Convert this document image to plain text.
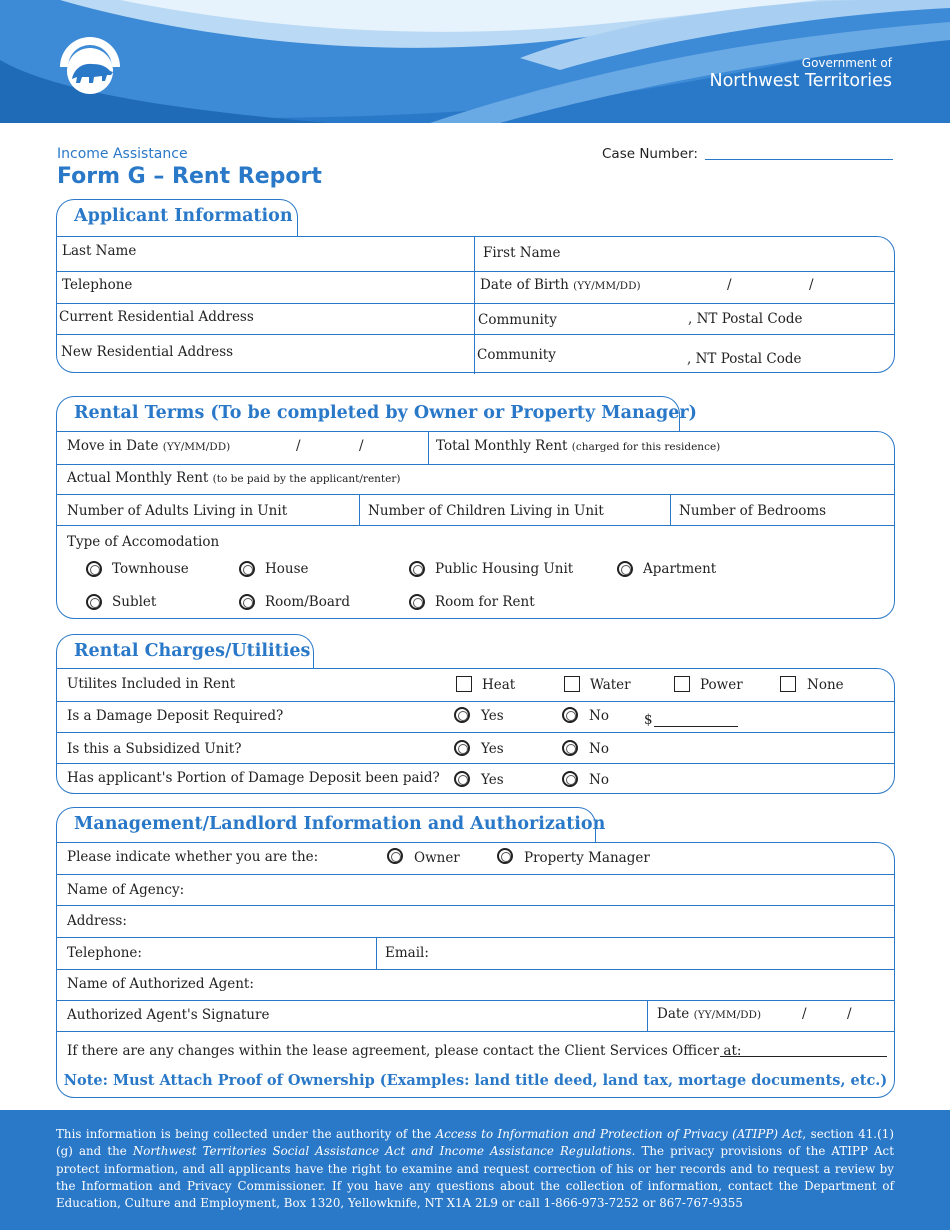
Government of
Northwest Territories
Income Assistance
Form G – Rent Report
Case Number:
Applicant Information
Last Name	First Name
Telephone	Date of Birth (YY/MM/DD)	/	/
Current Residential Address	Community	, NT Postal Code
New Residential Address	Community	, NT Postal Code
Rental Terms (To be completed by Owner or Property Manager)
Move in Date (YY/MM/DD)	/	/	Total Monthly Rent (charged for this residence)
Actual Monthly Rent (to be paid by the applicant/renter)
Number of Adults Living in Unit	Number of Children Living in Unit	Number of Bedrooms
Type of Accomodation
Townhouse	House	Public Housing Unit	Apartment
Sublet	Room/Board	Room for Rent
Rental Charges/Utilities
Utilites Included in Rent	Heat	Water	Power	None
Is a Damage Deposit Required?	Yes	No	$
Is this a Subsidized Unit?	Yes	No
Has applicant's Portion of Damage Deposit been paid?	Yes	No
Management/Landlord Information and Authorization
Please indicate whether you are the:	Owner	Property Manager
Name of Agency:
Address:
Telephone:	Email:
Name of Authorized Agent:
Authorized Agent's Signature	Date (YY/MM/DD)	/	/
If there are any changes within the lease agreement, please contact the Client Services Officer at:
Note: Must Attach Proof of Ownership (Examples: land title deed, land tax, mortage documents, etc.)
This information is being collected under the authority of the Access to Information and Protection of Privacy (ATIPP) Act, section 41.(1)(g) and the Northwest Territories Social Assistance Act and Income Assistance Regulations. The privacy provisions of the ATIPP Act protect information, and all applicants have the right to examine and request correction of his or her records and to request a review by the Information and Privacy Commissioner. If you have any questions about the collection of information, contact the Department of Education, Culture and Employment, Box 1320, Yellowknife, NT X1A 2L9 or call 1-866-973-7252 or 867-767-9355
